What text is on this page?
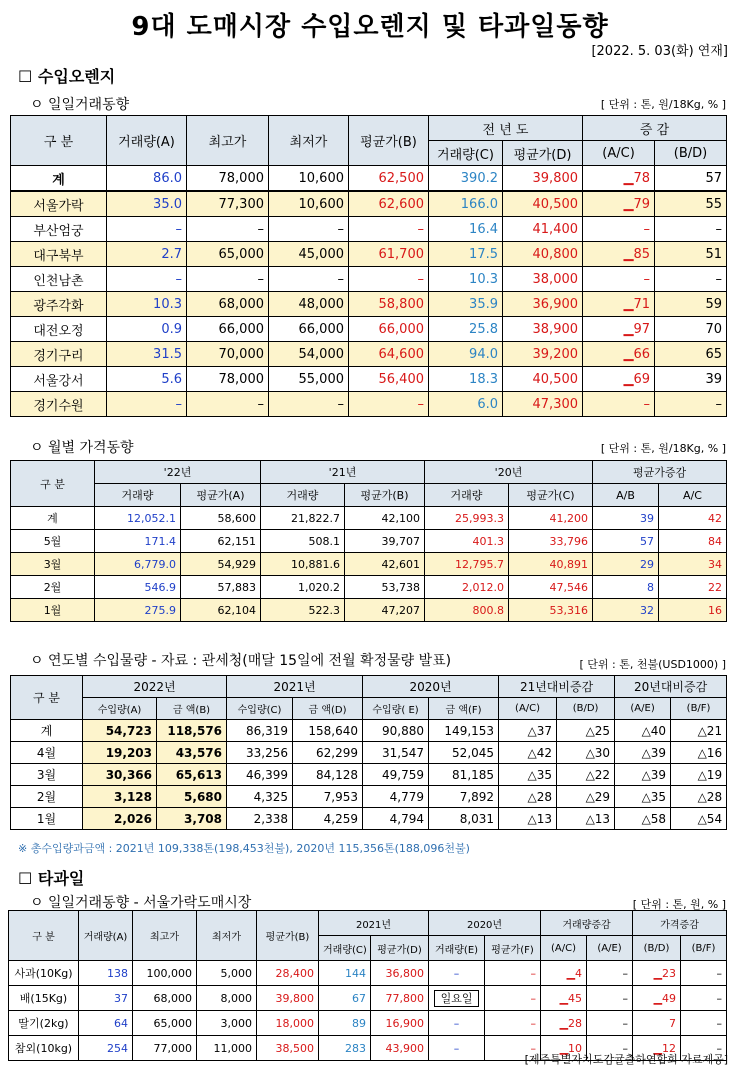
9대 도매시장 수입오렌지 및 타과일동향
[2022. 5. 03(화) 연재]
☐ 수입오렌지
ㅇ 일일거래동향	[ 단위 : 톤, 원/18Kg, % ]
구 분	거래량(A)	최고가	최저가	평균가(B)	전 년 도		증 감	
					거래량(C)	평균가(D)	(A/C)	(B/D)
계	86.0	78,000	10,600	62,500	390.2	39,800	▁78	57
서울가락	35.0	77,300	10,600	62,600	166.0	40,500	▁79	55
부산엄궁	–	–	–	–	16.4	41,400	–	–
대구북부	2.7	65,000	45,000	61,700	17.5	40,800	▁85	51
인천남촌	–	–	–	–	10.3	38,000	–	–
광주각화	10.3	68,000	48,000	58,800	35.9	36,900	▁71	59
대전오정	0.9	66,000	66,000	66,000	25.8	38,900	▁97	70
경기구리	31.5	70,000	54,000	64,600	94.0	39,200	▁66	65
서울강서	5.6	78,000	55,000	56,400	18.3	40,500	▁69	39
경기수원	–	–	–	–	6.0	47,300	–	–
ㅇ 월별 가격동향	[ 단위 : 톤, 원/18Kg, % ]
구 분	'22년		'21년		'20년		평균가증감	
	거래량	평균가(A)	거래량	평균가(B)	거래량	평균가(C)	A/B	A/C
계	12,052.1	58,600	21,822.7	42,100	25,993.3	41,200	39	42
5월	171.4	62,151	508.1	39,707	401.3	33,796	57	84
3월	6,779.0	54,929	10,881.6	42,601	12,795.7	40,891	29	34
2월	546.9	57,883	1,020.2	53,738	2,012.0	47,546	8	22
1월	275.9	62,104	522.3	47,207	800.8	53,316	32	16
ㅇ 연도별 수입물량 - 자료 : 관세청(매달 15일에 전월 확정물량 발표)	[ 단위 : 톤, 천불(USD1000) ]
구 분	2022년		2021년		2020년		21년대비증감		20년대비증감	
	수입량(A)	금 액(B)	수입량(C)	금 액(D)	수입량( E)	금 액(F)	(A/C)	(B/D)	(A/E)	(B/F)
계	54,723	118,576	86,319	158,640	90,880	149,153	△37	△25	△40	△21
4월	19,203	43,576	33,256	62,299	31,547	52,045	△42	△30	△39	△16
3월	30,366	65,613	46,399	84,128	49,759	81,185	△35	△22	△39	△19
2월	3,128	5,680	4,325	7,953	4,779	7,892	△28	△29	△35	△28
1월	2,026	3,708	2,338	4,259	4,794	8,031	△13	△13	△58	△54
※ 총수입량과금액 : 2021년 109,338톤(198,453천불), 2020년 115,356톤(188,096천불)
☐ 타과일
ㅇ 일일거래동향 - 서울가락도매시장	[ 단위 : 톤, 원, % ]
구 분	거래량(A)	최고가	최저가	평균가(B)	2021년		2020년		거래량증감		가격증감	
					거래량(C)	평균가(D)	거래량(E)	평균가(F)	(A/C)	(A/E)	(B/D)	(B/F)
사과(10Kg)	138	100,000	5,000	28,400	144	36,800	–	–	▁4	–	▁23	–
배(15Kg)	37	68,000	8,000	39,800	67	77,800	일요일	–	▁45	–	▁49	–
딸기(2kg)	64	65,000	3,000	18,000	89	16,900	–	–	▁28	–	7	–
참외(10kg)	254	77,000	11,000	38,500	283	43,900	–	–	▁10	–	▁12	–
[제주특별자치도감귤출하연합회 자료제공]
